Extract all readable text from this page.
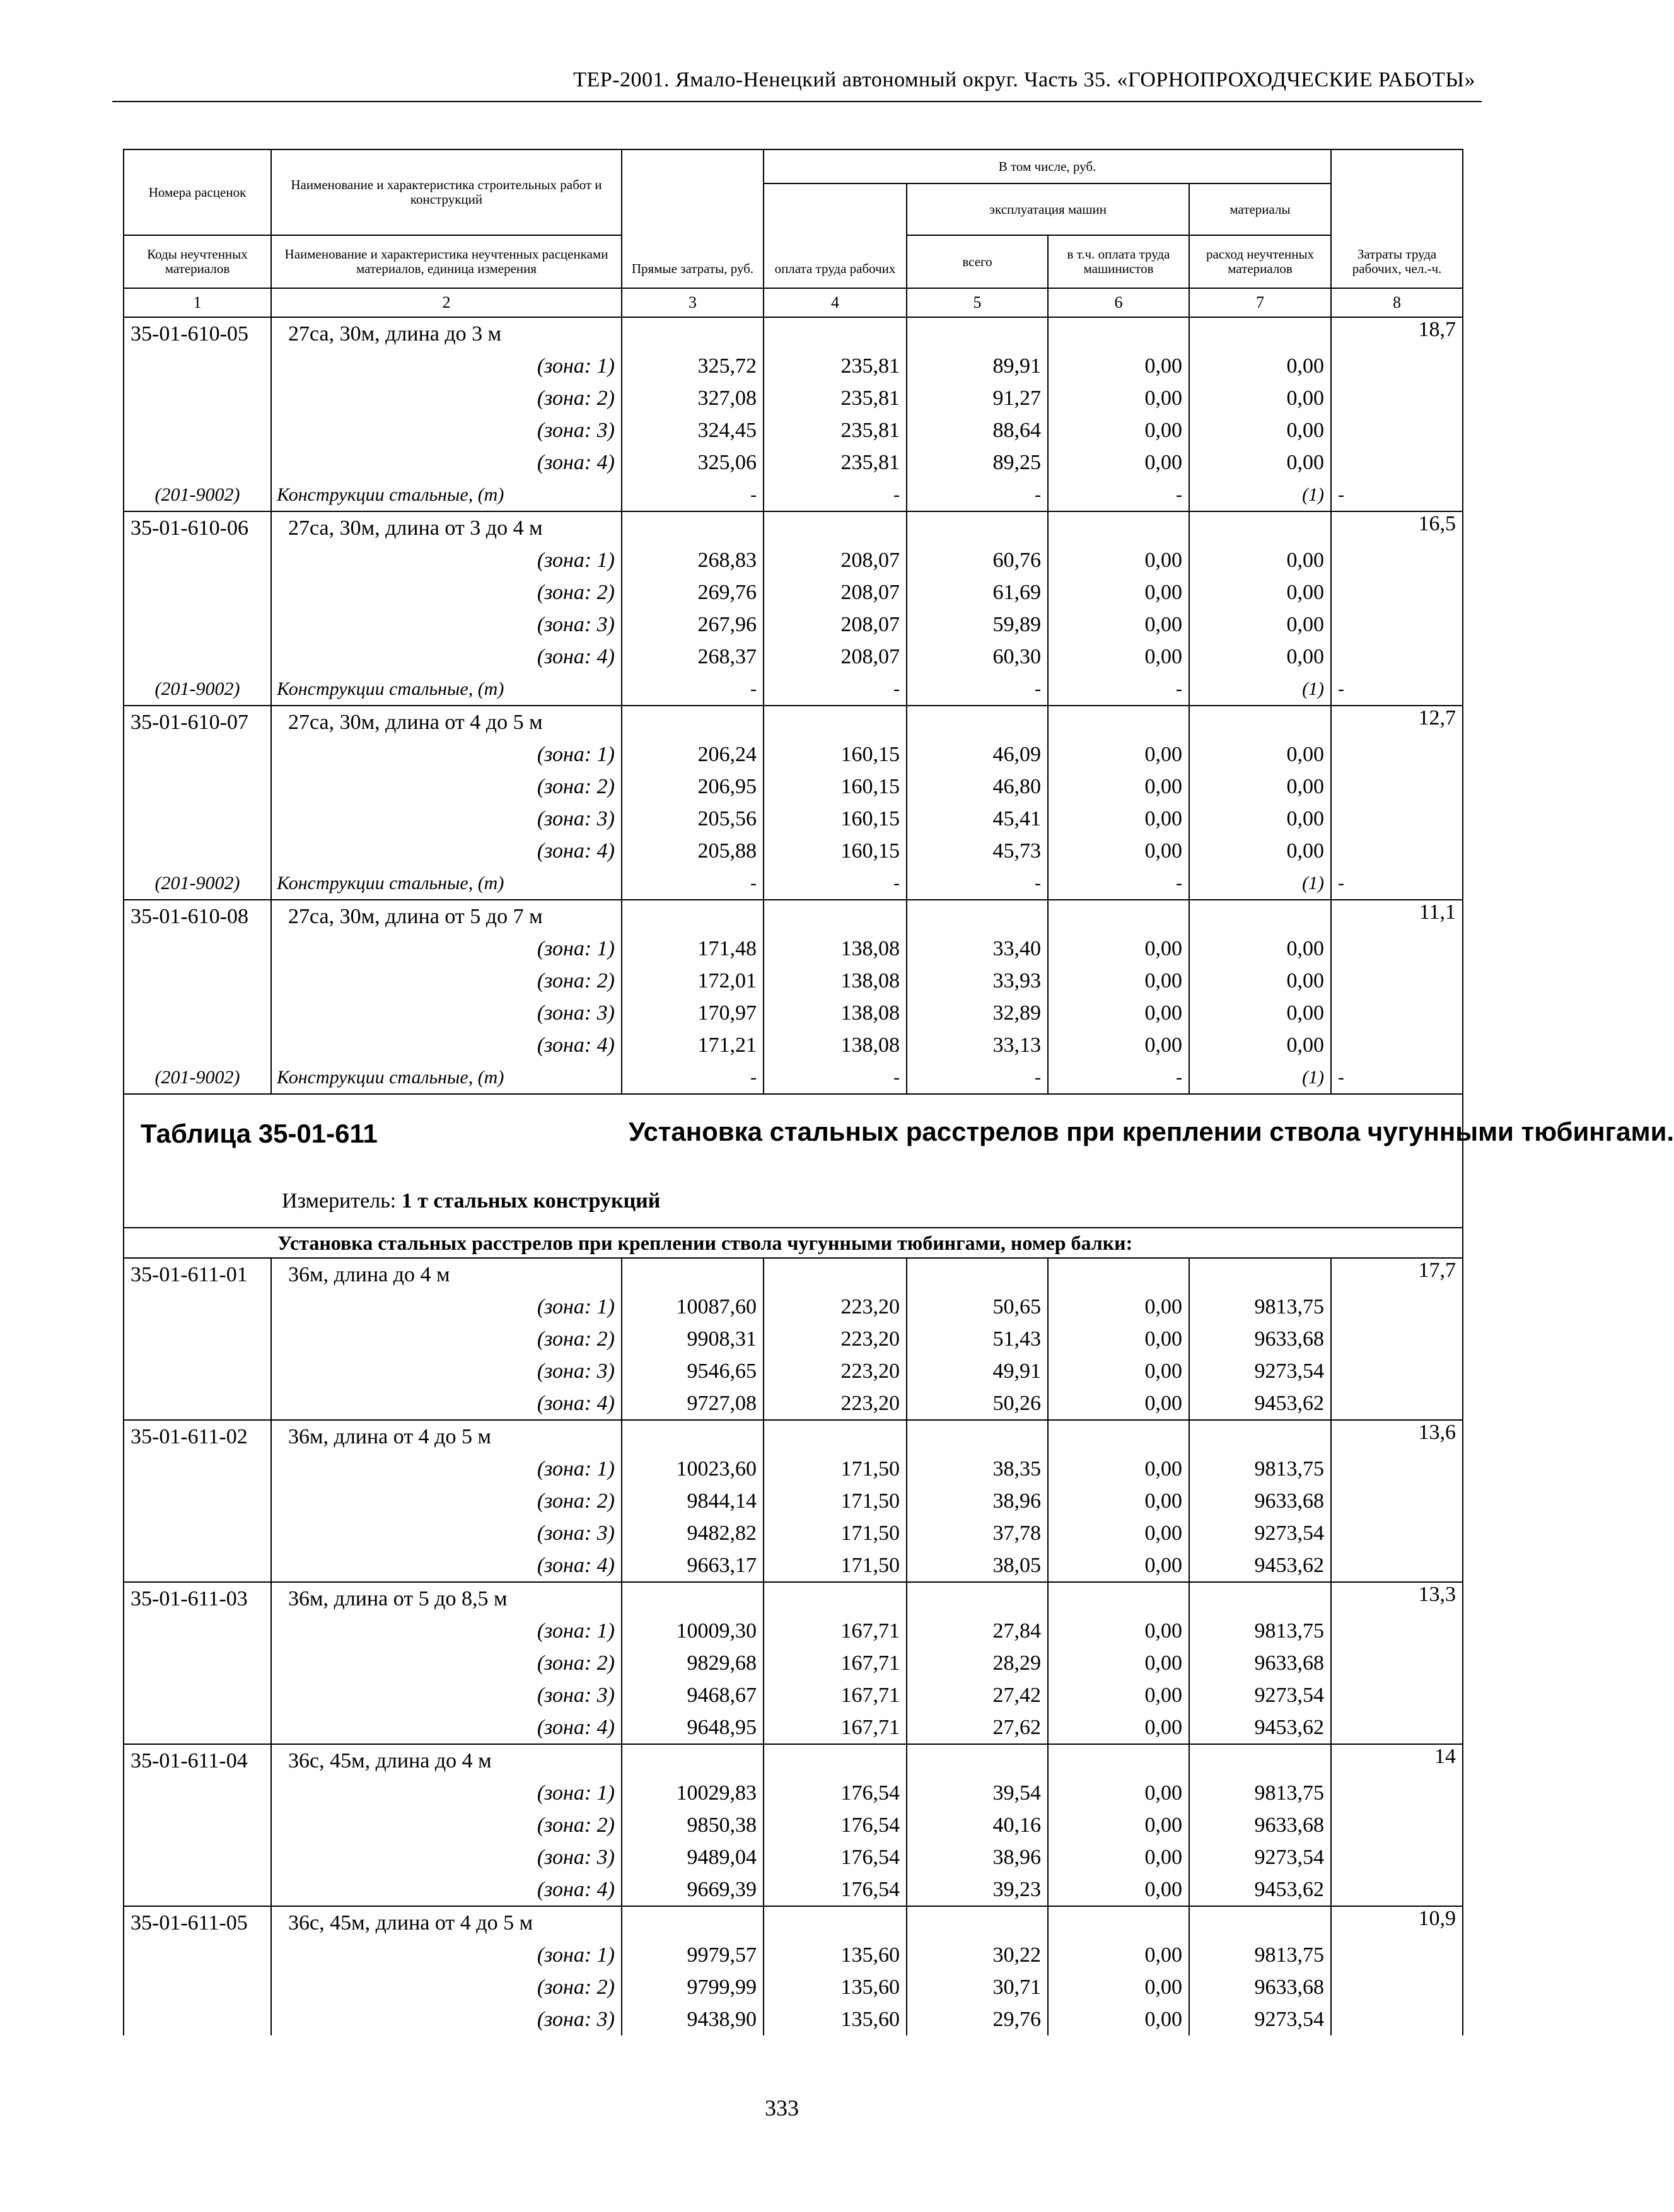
ТЕР-2001. Ямало-Ненецкий автономный округ. Часть 35. «ГОРНОПРОХОДЧЕСКИЕ РАБОТЫ»
Номера расценок	Наименование и характеристика строительных работ и конструкций	Прямые затраты, руб.	В том числе, руб.				Затраты труда рабочих, чел.-ч.
			оплата труда рабочих	эксплуатация машин		материалы	
Коды неучтенных материалов	Наименование и характеристика неучтенных расценками материалов, единица измерения			всего	в т.ч. оплата труда машинистов	расход неучтенных материалов	

1	2	3	4	5	6	7	8
35-01-610-05	27са, 30м, длина до 3 м						18,7
	(зона: 1)	325,72	235,81	89,91	0,00	0,00	
	(зона: 2)	327,08	235,81	91,27	0,00	0,00	
	(зона: 3)	324,45	235,81	88,64	0,00	0,00	
	(зона: 4)	325,06	235,81	89,25	0,00	0,00	
(201-9002)	Конструкции стальные, (т)	-	-	-	-	(1)	-
35-01-610-06	27са, 30м, длина от 3 до 4 м						16,5
	(зона: 1)	268,83	208,07	60,76	0,00	0,00	
	(зона: 2)	269,76	208,07	61,69	0,00	0,00	
	(зона: 3)	267,96	208,07	59,89	0,00	0,00	
	(зона: 4)	268,37	208,07	60,30	0,00	0,00	
(201-9002)	Конструкции стальные, (т)	-	-	-	-	(1)	-
35-01-610-07	27са, 30м, длина от 4 до 5 м						12,7
	(зона: 1)	206,24	160,15	46,09	0,00	0,00	
	(зона: 2)	206,95	160,15	46,80	0,00	0,00	
	(зона: 3)	205,56	160,15	45,41	0,00	0,00	
	(зона: 4)	205,88	160,15	45,73	0,00	0,00	
(201-9002)	Конструкции стальные, (т)	-	-	-	-	(1)	-
35-01-610-08	27са, 30м, длина от 5 до 7 м						11,1
	(зона: 1)	171,48	138,08	33,40	0,00	0,00	
	(зона: 2)	172,01	138,08	33,93	0,00	0,00	
	(зона: 3)	170,97	138,08	32,89	0,00	0,00	
	(зона: 4)	171,21	138,08	33,13	0,00	0,00	
(201-9002)	Конструкции стальные, (т)	-	-	-	-	(1)	-

Таблица 35-01-611 Установка стальных расстрелов при креплении ствола чугунными тюбингами.
Измеритель: 1 т стальных конструкций							

	Установка стальных расстрелов при креплении ствола чугунными тюбингами, номер балки:						
35-01-611-01	36м, длина до 4 м						17,7
	(зона: 1)	10087,60	223,20	50,65	0,00	9813,75	
	(зона: 2)	9908,31	223,20	51,43	0,00	9633,68	
	(зона: 3)	9546,65	223,20	49,91	0,00	9273,54	
	(зона: 4)	9727,08	223,20	50,26	0,00	9453,62	
35-01-611-02	36м, длина от 4 до 5 м						13,6
	(зона: 1)	10023,60	171,50	38,35	0,00	9813,75	
	(зона: 2)	9844,14	171,50	38,96	0,00	9633,68	
	(зона: 3)	9482,82	171,50	37,78	0,00	9273,54	
	(зона: 4)	9663,17	171,50	38,05	0,00	9453,62	
35-01-611-03	36м, длина от 5 до 8,5 м						13,3
	(зона: 1)	10009,30	167,71	27,84	0,00	9813,75	
	(зона: 2)	9829,68	167,71	28,29	0,00	9633,68	
	(зона: 3)	9468,67	167,71	27,42	0,00	9273,54	
	(зона: 4)	9648,95	167,71	27,62	0,00	9453,62	
35-01-611-04	36с, 45м, длина до 4 м						14
	(зона: 1)	10029,83	176,54	39,54	0,00	9813,75	
	(зона: 2)	9850,38	176,54	40,16	0,00	9633,68	
	(зона: 3)	9489,04	176,54	38,96	0,00	9273,54	
	(зона: 4)	9669,39	176,54	39,23	0,00	9453,62	
35-01-611-05	36с, 45м, длина от 4 до 5 м						10,9
	(зона: 1)	9979,57	135,60	30,22	0,00	9813,75	
	(зона: 2)	9799,99	135,60	30,71	0,00	9633,68	
	(зона: 3)	9438,90	135,60	29,76	0,00	9273,54	
333
